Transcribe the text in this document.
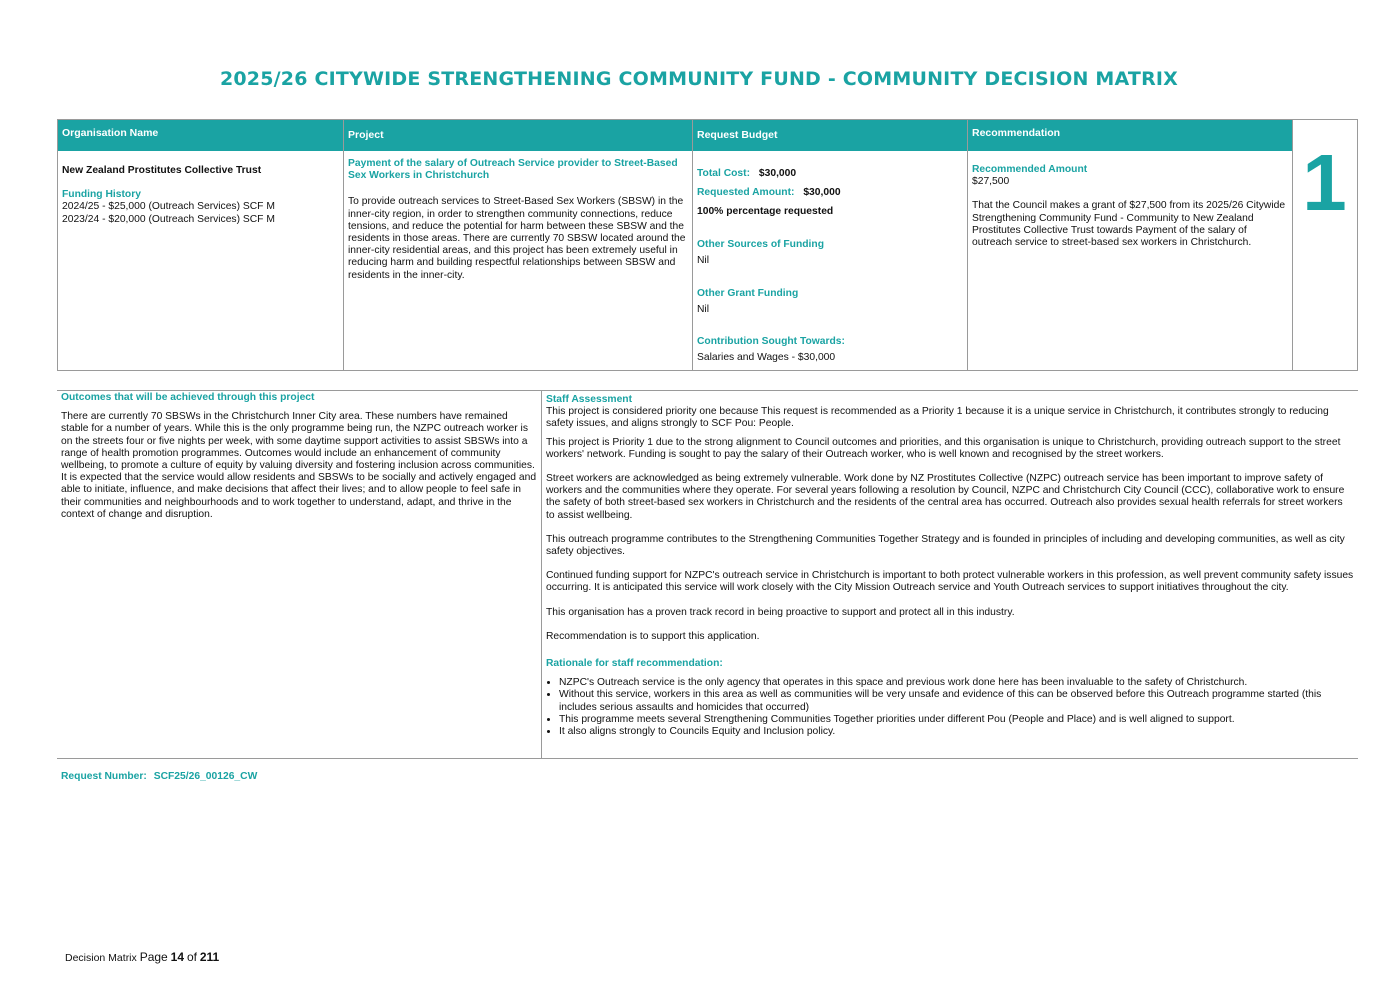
2025/26 CITYWIDE STRENGTHENING COMMUNITY FUND - COMMUNITY DECISION MATRIX
Organisation Name
New Zealand Prostitutes Collective Trust
Funding History
2024/25 - $25,000 (Outreach Services) SCF M
2023/24 - $20,000 (Outreach Services) SCF M
Project
Payment of the salary of Outreach Service provider to Street-Based Sex Workers in Christchurch
To provide outreach services to Street-Based Sex Workers (SBSW) in the inner-city region, in order to strengthen community connections, reduce tensions, and reduce the potential for harm between these SBSW and the residents in those areas. There are currently 70 SBSW located around the inner-city residential areas, and this project has been extremely useful in reducing harm and building respectful relationships between SBSW and residents in the inner-city.
Request Budget
Total Cost: $30,000
Requested Amount: $30,000
100% percentage requested
Other Sources of Funding
Nil
Other Grant Funding
Nil
Contribution Sought Towards:
Salaries and Wages - $30,000
Recommendation
Recommended Amount
$27,500
That the Council makes a grant of $27,500 from its 2025/26 Citywide Strengthening Community Fund - Community to New Zealand Prostitutes Collective Trust towards Payment of the salary of outreach service to street-based sex workers in Christchurch.
1
Outcomes that will be achieved through this project

There are currently 70 SBSWs in the Christchurch Inner City area. These numbers have remained stable for a number of years. While this is the only programme being run, the NZPC outreach worker is on the streets four or five nights per week, with some daytime support activities to assist SBSWs into a range of health promotion programmes. Outcomes would include an enhancement of community wellbeing, to promote a culture of equity by valuing diversity and fostering inclusion across communities. It is expected that the service would allow residents and SBSWs to be socially and actively engaged and able to initiate, influence, and make decisions that affect their lives; and to allow people to feel safe in their communities and neighbourhoods and to work together to understand, adapt, and thrive in the context of change and disruption.

Staff Assessment

This project is considered priority one because This request is recommended as a Priority 1 because it is a unique service in Christchurch, it contributes strongly to reducing safety issues, and aligns strongly to SCF Pou: People.

This project is Priority 1 due to the strong alignment to Council outcomes and priorities, and this organisation is unique to Christchurch, providing outreach support to the street workers' network. Funding is sought to pay the salary of their Outreach worker, who is well known and recognised by the street workers.

Street workers are acknowledged as being extremely vulnerable. Work done by NZ Prostitutes Collective (NZPC) outreach service has been important to improve safety of workers and the communities where they operate. For several years following a resolution by Council, NZPC and Christchurch City Council (CCC), collaborative work to ensure the safety of both street-based sex workers in Christchurch and the residents of the central area has occurred. Outreach also provides sexual health referrals for street workers to assist wellbeing.

This outreach programme contributes to the Strengthening Communities Together Strategy and is founded in principles of including and developing communities, as well as city safety objectives.

Continued funding support for NZPC's outreach service in Christchurch is important to both protect vulnerable workers in this profession, as well prevent community safety issues occurring. It is anticipated this service will work closely with the City Mission Outreach service and Youth Outreach services to support initiatives throughout the city.

This organisation has a proven track record in being proactive to support and protect all in this industry.

Recommendation is to support this application.

Rationale for staff recommendation:
• NZPC's Outreach service is the only agency that operates in this space and previous work done here has been invaluable to the safety of Christchurch.
• Without this service, workers in this area as well as communities will be very unsafe and evidence of this can be observed before this Outreach programme started (this includes serious assaults and homicides that occurred)
• This programme meets several Strengthening Communities Together priorities under different Pou (People and Place) and is well aligned to support.
• It also aligns strongly to Councils Equity and Inclusion policy.
Request Number: SCF25/26_00126_CW
Decision Matrix Page 14 of 211
